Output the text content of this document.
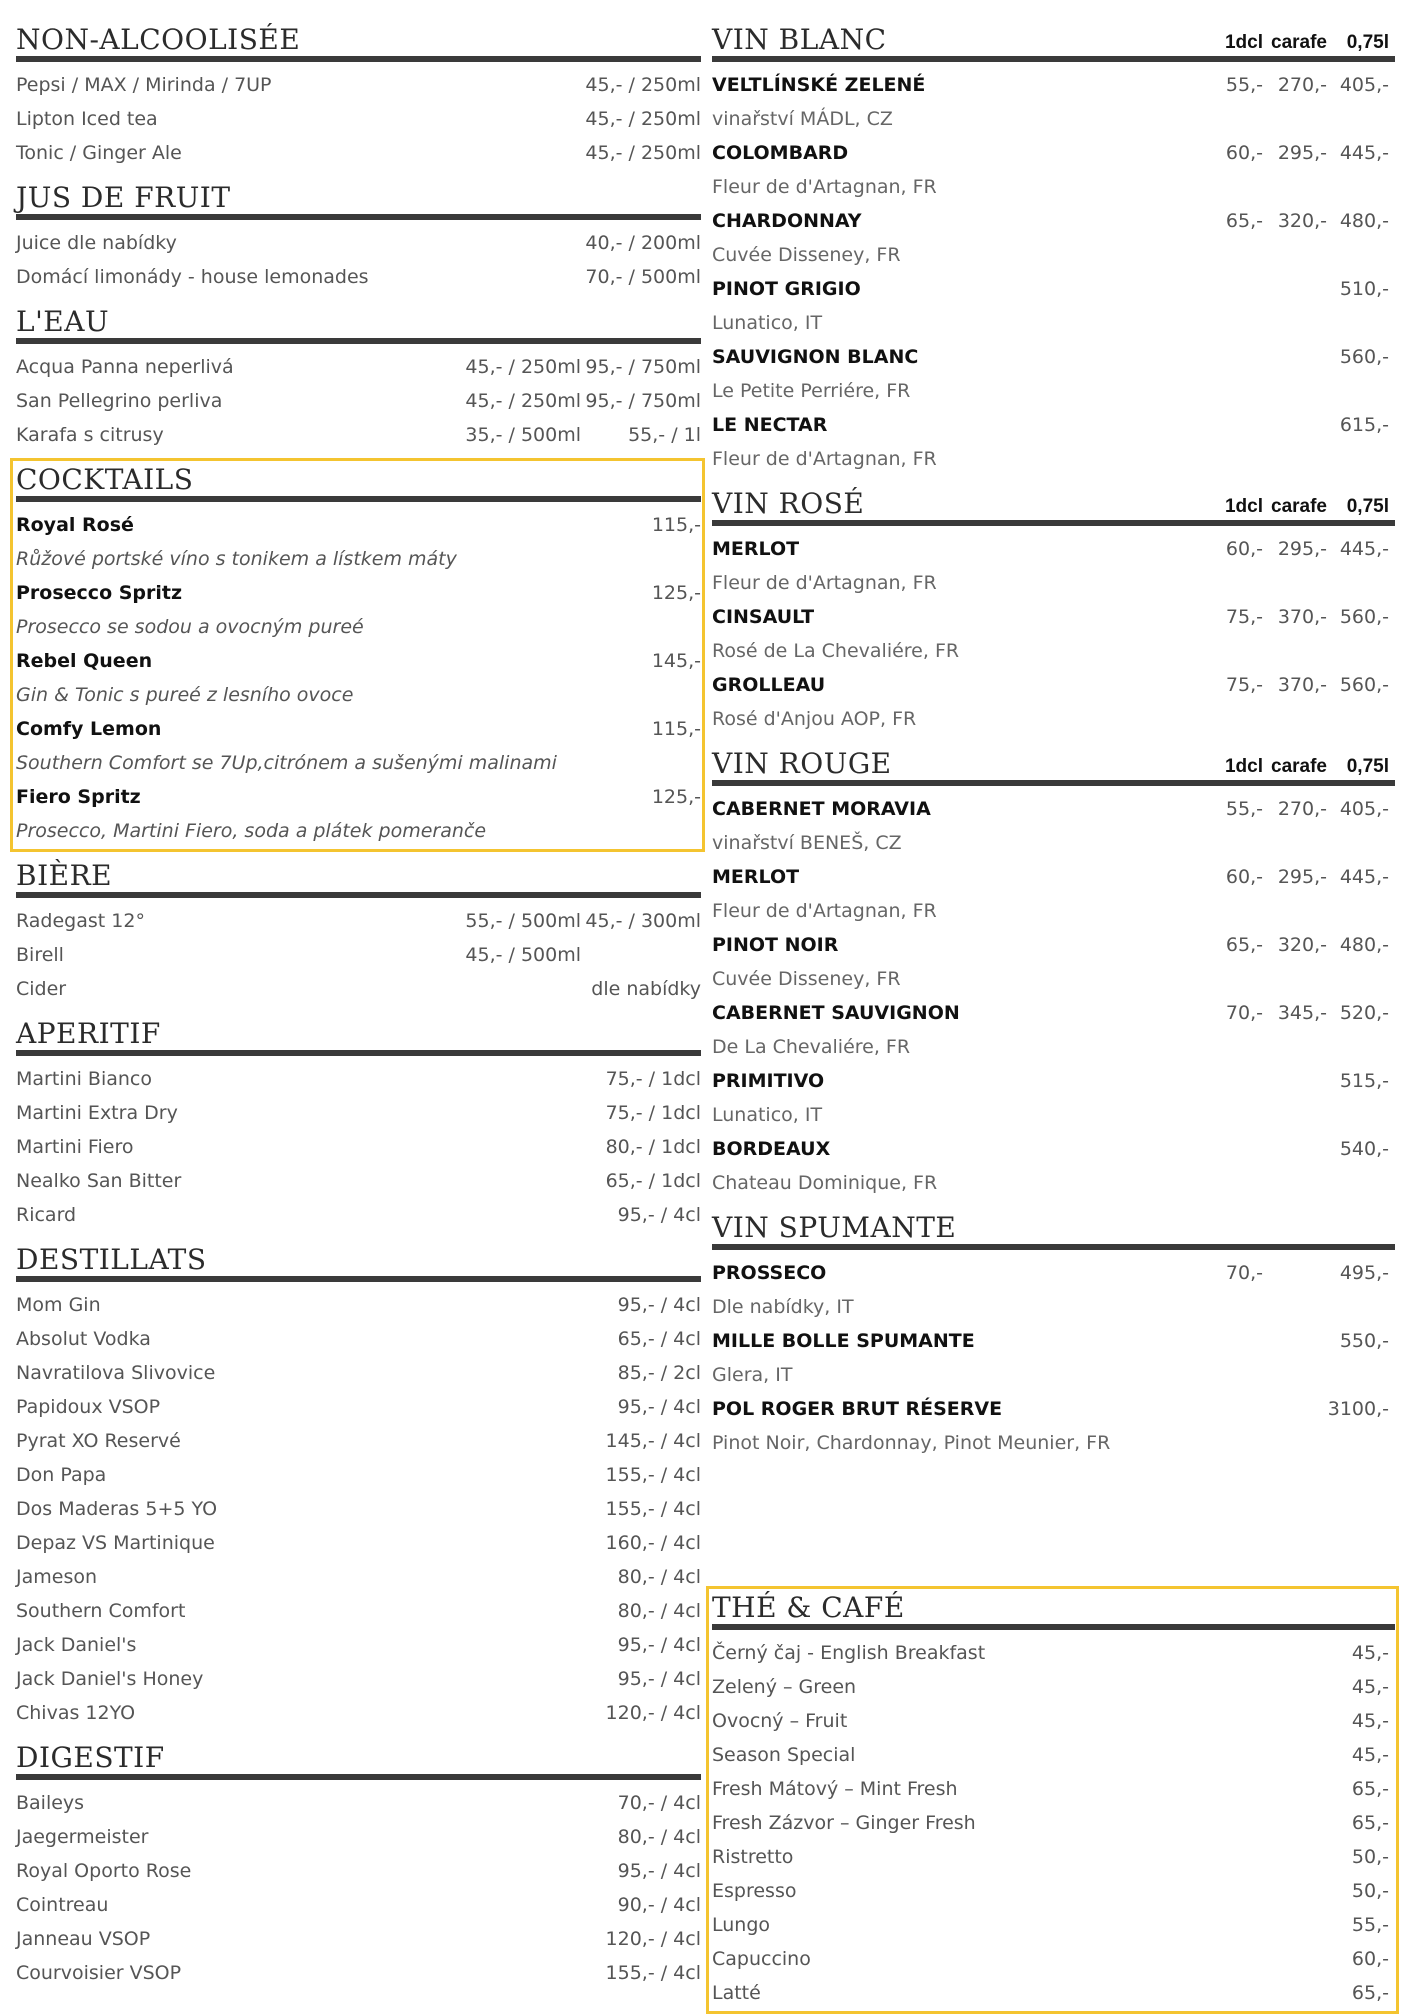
NON-ALCOOLISÉE
Pepsi / MAX / Mirinda / 7UP	45,- / 250ml
Lipton Iced tea	45,- / 250ml
Tonic / Ginger Ale	45,- / 250ml
JUS DE FRUIT
Juice dle nabídky	40,- / 200ml
Domácí limonády - house lemonades	70,- / 500ml
L'EAU
Acqua Panna neperlivá	45,- / 250ml 95,- / 750ml
San Pellegrino perliva	45,- / 250ml 95,- / 750ml
Karafa s citrusy	35,- / 500ml	55,- / 1l
COCKTAILS
Royal Rosé	115,-
Růžové portské víno s tonikem a lístkem máty
Prosecco Spritz	125,-
Prosecco se sodou a ovocným pureé
Rebel Queen	145,-
Gin & Tonic s pureé z lesního ovoce
Comfy Lemon	115,-
Southern Comfort se 7Up,citrónem a sušenými malinami
Fiero Spritz	125,-
Prosecco, Martini Fiero, soda a plátek pomeranče
BIÈRE
Radegast 12°	55,- / 500ml 45,- / 300ml
Birell	45,- / 500ml
Cider	dle nabídky
APERITIF
Martini Bianco	75,- / 1dcl
Martini Extra Dry	75,- / 1dcl
Martini Fiero	80,- / 1dcl
Nealko San Bitter	65,- / 1dcl
Ricard	95,- / 4cl
DESTILLATS
Mom Gin	95,- / 4cl
Absolut Vodka	65,- / 4cl
Navratilova Slivovice	85,- / 2cl
Papidoux VSOP	95,- / 4cl
Pyrat XO Reservé	145,- / 4cl
Don Papa	155,- / 4cl
Dos Maderas 5+5 YO	155,- / 4cl
Depaz VS Martinique	160,- / 4cl
Jameson	80,- / 4cl
Southern Comfort	80,- / 4cl
Jack Daniel's	95,- / 4cl
Jack Daniel's Honey	95,- / 4cl
Chivas 12YO	120,- / 4cl
DIGESTIF
Baileys	70,- / 4cl
Jaegermeister	80,- / 4cl
Royal Oporto Rose	95,- / 4cl
Cointreau	90,- / 4cl
Janneau VSOP	120,- / 4cl
Courvoisier VSOP	155,- / 4cl
VIN BLANC	1dcl carafe	0,75l
VELTLÍNSKÉ ZELENÉ	55,- 270,- 405,-
vinařství MÁDL, CZ
COLOMBARD	60,- 295,- 445,-
Fleur de d'Artagnan, FR
CHARDONNAY	65,- 320,- 480,-
Cuvée Disseney, FR
PINOT GRIGIO	510,-
Lunatico, IT
SAUVIGNON BLANC	560,-
Le Petite Perriére, FR
LE NECTAR	615,-
Fleur de d'Artagnan, FR
VIN ROSÉ	1dcl carafe	0,75l
MERLOT	60,- 295,- 445,-
Fleur de d'Artagnan, FR
CINSAULT	75,- 370,- 560,-
Rosé de La Chevaliére, FR
GROLLEAU	75,- 370,- 560,-
Rosé d'Anjou AOP, FR
VIN ROUGE	1dcl carafe	0,75l
CABERNET MORAVIA	55,- 270,- 405,-
vinařství BENEŠ, CZ
MERLOT	60,- 295,- 445,-
Fleur de d'Artagnan, FR
PINOT NOIR	65,- 320,- 480,-
Cuvée Disseney, FR
CABERNET SAUVIGNON	70,- 345,- 520,-
De La Chevaliére, FR
PRIMITIVO	515,-
Lunatico, IT
BORDEAUX	540,-
Chateau Dominique, FR
VIN SPUMANTE
PROSSECO	70,-	495,-
Dle nabídky, IT
MILLE BOLLE SPUMANTE	550,-
Glera, IT
POL ROGER BRUT RÉSERVE	3100,-
Pinot Noir, Chardonnay, Pinot Meunier, FR
THÉ & CAFÉ
Černý čaj - English Breakfast	45,-
Zelený – Green	45,-
Ovocný – Fruit	45,-
Season Special	45,-
Fresh Mátový – Mint Fresh	65,-
Fresh Zázvor – Ginger Fresh	65,-
Ristretto	50,-
Espresso	50,-
Lungo	55,-
Capuccino	60,-
Latté	65,-
